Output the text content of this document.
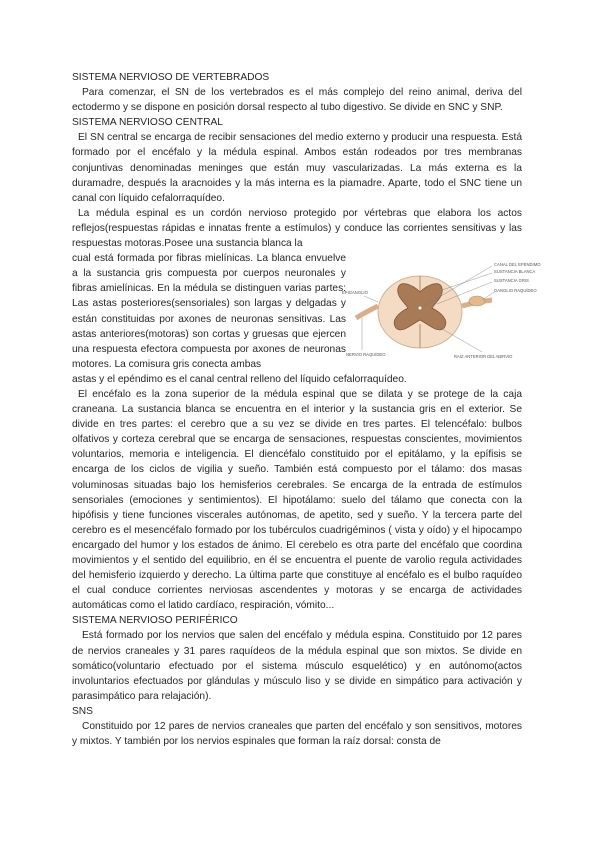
SISTEMA NERVIOSO DE VERTEBRADOS

Para comenzar, el SN de los vertebrados es el más complejo del reino animal, deriva del ectodermo y se dispone en posición dorsal respecto al tubo digestivo. Se divide en SNC y SNP.

SISTEMA NERVIOSO CENTRAL

El SN central se encarga de recibir sensaciones del medio externo y producir una respuesta. Está formado por el encéfalo y la médula espinal. Ambos están rodeados por tres membranas conjuntivas denominadas meninges que están muy vascularizadas. La más externa es la duramadre, después la aracnoides y la más interna es la piamadre. Aparte, todo el SNC tiene un canal con líquido cefalorraquídeo.

La médula espinal es un cordón nervioso protegido por vértebras que elabora los actos reflejos(respuestas rápidas e innatas frente a estímulos) y conduce las corrientes sensitivas y las respuestas motoras.Posee una sustancia blanca la

cual está formada por fibras mielínicas. La blanca envuelve a la sustancia gris compuesta por cuerpos neuronales y fibras amielínicas. En la médula se distinguen varias partes: Las astas posteriores(sensoriales) son largas y delgadas y están constituidas por axones de neuronas sensitivas. Las astas anteriores(motoras) son cortas y gruesas que ejercen una respuesta efectora compuesta por axones de neuronas motores. La comisura gris conecta ambas

astas y el epéndimo es el canal central relleno del líquido cefalorraquídeo.

El encéfalo es la zona superior de la médula espinal que se dilata y se protege de la caja craneana. La sustancia blanca se encuentra en el interior y la sustancia gris en el exterior. Se divide en tres partes: el cerebro que a su vez se divide en tres partes. El telencéfalo: bulbos olfativos y corteza cerebral que se encarga de sensaciones, respuestas conscientes, movimientos voluntarios, memoria e inteligencia. El diencéfalo constituido por el epitálamo, y la epífisis se encarga de los ciclos de vigilia y sueño. También está compuesto por el tálamo: dos masas voluminosas situadas bajo los hemisferios cerebrales. Se encarga de la entrada de estímulos sensoriales (emociones y sentimientos). El hipotálamo: suelo del tálamo que conecta con la hipófisis y tiene funciones viscerales autónomas, de apetito, sed y sueño. Y la tercera parte del cerebro es el mesencéfalo formado por los tubérculos cuadrigéminos ( vista y oído) y el hipocampo encargado del humor y los estados de ánimo. El cerebelo es otra parte del encéfalo que coordina movimientos y el sentido del equilibrio, en él se encuentra el puente de varolio regula actividades del hemisferio izquierdo y derecho. La última parte que constituye al encéfalo es el bulbo raquídeo el cual conduce corrientes nerviosas ascendentes y motoras y se encarga de actividades automáticas como el latido cardíaco, respiración, vómito...

SISTEMA NERVIOSO PERIFÉRICO

Está formado por los nervios que salen del encéfalo y médula espina. Constituido por 12 pares de nervios craneales y 31 pares raquídeos de la médula espinal que son mixtos. Se divide en somático(voluntario efectuado por el sistema músculo esquelético) y en autónomo(actos involuntarios efectuados por glándulas y músculo liso y se divide en simpático para activación y parasimpático para relajación).

SNS

Constituido por 12 pares de nervios craneales que parten del encéfalo y son sensitivos, motores y mixtos. Y también por los nervios espinales que forman la raíz dorsal: consta de

CANAL DEL EPÉNDIMO
SUSTANCIA BLANCA
SUSTANCIA GRIS
GANGLIO RAQUÍDEO
EPIGANGLIO
NERVIO RAQUÍDEO	RAÍZ ANTERIOR DEL NERVIO
